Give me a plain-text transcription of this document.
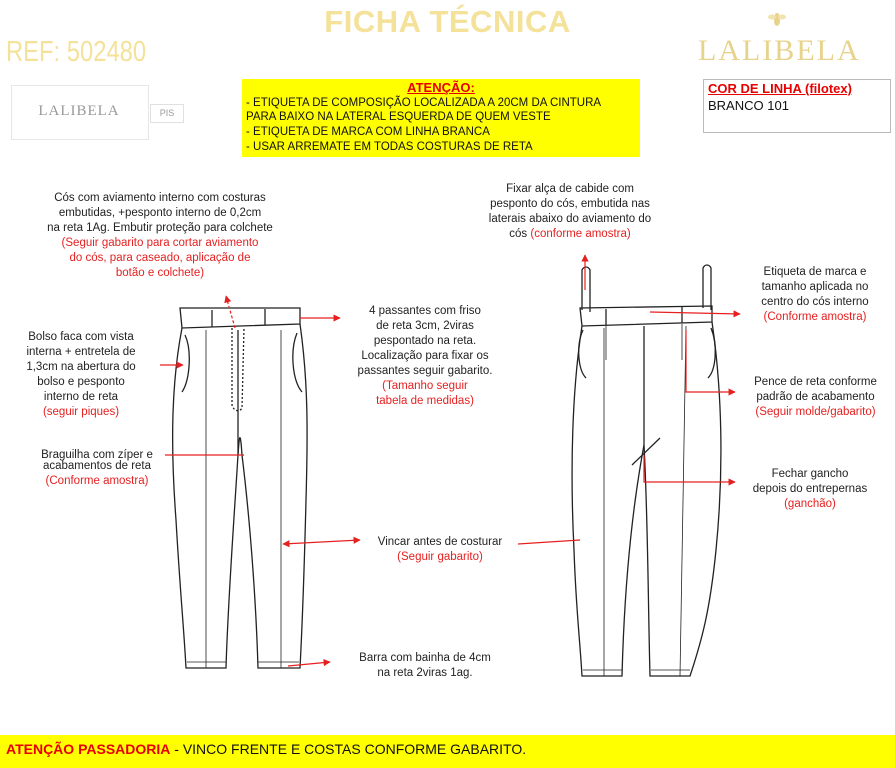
FICHA TÉCNICA
REF: 502480	LALIBELA
LALIBELA	PIS
ATENÇÃO:
- ETIQUETA DE COMPOSIÇÃO LOCALIZADA A 20CM DA CINTURA
PARA BAIXO NA LATERAL ESQUERDA DE QUEM VESTE
- ETIQUETA DE MARCA COM LINHA BRANCA
- USAR ARREMATE EM TODAS COSTURAS DE RETA
COR DE LINHA (filotex)
BRANCO 101
Cós com aviamento interno com costuras
embutidas, +pesponto interno de 0,2cm
na reta 1Ag. Embutir proteção para colchete
(Seguir gabarito para cortar aviamento
do cós, para caseado, aplicação de
botão e colchete)
Bolso faca com vista
interna + entretela de
1,3cm na abertura do
bolso e pesponto
interno de reta
(seguir piques)
Braguilha com zíper e
acabamentos de reta
(Conforme amostra)
4 passantes com friso
de reta 3cm, 2viras
pespontado na reta.
Localização para fixar os
passantes seguir gabarito.
(Tamanho seguir
tabela de medidas)
Vincar antes de costurar
(Seguir gabarito)
Barra com bainha de 4cm
na reta 2viras 1ag.
Fixar alça de cabide com
pesponto do cós, embutida nas
laterais abaixo do aviamento do
cós (conforme amostra)
Etiqueta de marca e
tamanho aplicada no
centro do cós interno
(Conforme amostra)
Pence de reta conforme
padrão de acabamento
(Seguir molde/gabarito)
Fechar gancho
depois do entrepernas
(ganchão)
ATENÇÃO PASSADORIA - VINCO FRENTE E COSTAS CONFORME GABARITO.
